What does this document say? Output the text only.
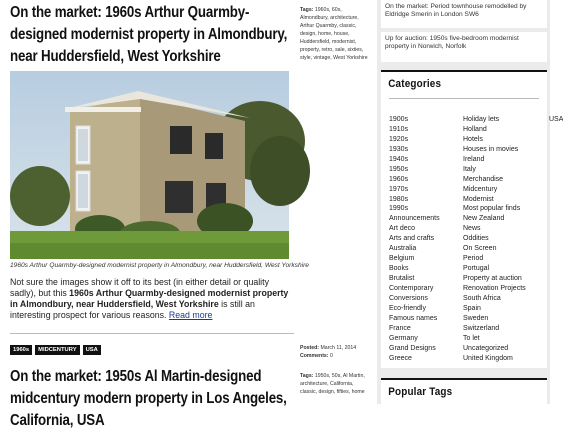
On the market: 1960s Arthur Quarmby-designed modernist property in Almondbury, near Huddersfield, West Yorkshire
1960s Arthur Quarmby-designed modernist property in Almondbury, near Huddersfield, West Yorkshire

Not sure the images show it off to its best (in either detail or quality sadly), but this 1960s Arthur Quarmby-designed modernist property in Almondbury, near Huddersfield, West Yorkshire is still an interesting prospect for various reasons. Read more

1960s	MIDCENTURY	USA
On the market: 1950s Al Martin-designed midcentury modern property in Los Angeles, California, USA
Tags: 1960s, 60s, Almondbury, architecture, Arthur Quarmby, classic, design, home, house, Huddersfield, modernist, property, retro, sale, sixties, style, vintage, West Yorkshire
Posted: March 11, 2014
Comments: 0
Tags: 1950s, 50s, Al Martin, architecture, California, classic, design, fifties, home
On the market: Period townhouse remodelled by Eldridge Smerin in London SW6
Up for auction: 1950s five-bedroom modernist property in Norwich, Norfolk
Categories
1900s
1910s
1920s
1930s
1940s
1950s
1960s
1970s
1980s
1990s
Announcements
Art deco
Arts and crafts
Australia
Belgium
Books
Brutalist
Contemporary
Conversions
Eco-friendly
Famous names
France
Germany
Grand Designs
Greece
Holiday lets
Holland
Hotels
Houses in movies
Ireland
Italy
Merchandise
Midcentury
Modernist
Most popular finds
New Zealand
News
Oddities
On Screen
Period
Portugal
Property at auction
Renovation Projects
South Africa
Spain
Sweden
Switzerland
To let
Uncategorized
United Kingdom
USA
Popular Tags
